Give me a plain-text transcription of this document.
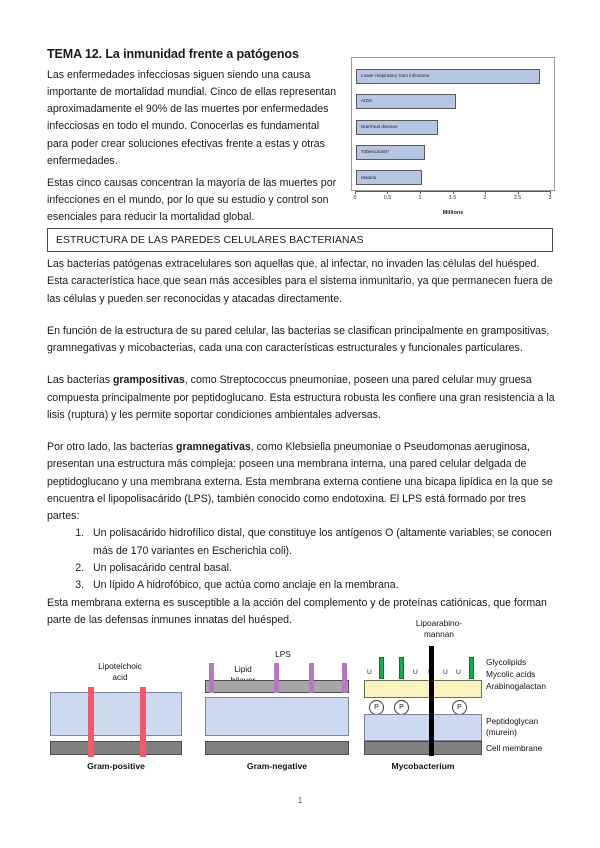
TEMA 12. La inmunidad frente a patógenos

Las enfermedades infecciosas siguen siendo una causa importante de mortalidad mundial. Cinco de ellas representan aproximadamente el 90% de las muertes por enfermedades infecciosas en todo el mundo. Conocerlas es fundamental para poder crear soluciones efectivas frente a estas y otras enfermedades.

Estas cinco causas concentran la mayoría de las muertes por infecciones en el mundo, por lo que su estudio y control son esenciales para reducir la mortalidad global.

Lower respiratory tract infections
AIDS
Diarrheal disease
Tuberculosis*
Malaria
0	0.5	1	1.5	2	2.5	3
Millions
ESTRUCTURA DE LAS PAREDES CELULARES BACTERIANAS

Las bacterias patógenas extracelulares son aquellas que, al infectar, no invaden las células del huésped. Esta característica hace que sean más accesibles para el sistema inmunitario, ya que permanecen fuera de las células y pueden ser reconocidas y atacadas directamente.

En función de la estructura de su pared celular, las bacterias se clasifican principalmente en grampositivas, gramnegativas y micobacterias, cada una con características estructurales y funcionales particulares.

Las bacterias grampositivas, como Streptococcus pneumoniae, poseen una pared celular muy gruesa compuesta principalmente por peptidoglucano. Esta estructura robusta les confiere una gran resistencia a la lisis (ruptura) y les permite soportar condiciones ambientales adversas.

Por otro lado, las bacterias gramnegativas, como Klebsiella pneumoniae o Pseudomonas aeruginosa, presentan una estructura más compleja: poseen una membrana interna, una pared celular delgada de peptidoglucano y una membrana externa. Esta membrana externa contiene una bicapa lipídica en la que se encuentra el lipopolisacárido (LPS), también conocido como endotoxina. El LPS está formado por tres partes:

1. Un polisacárido hidrofílico distal, que constituye los antígenos O (altamente variables; se conocen más de 170 variantes en Escherichia coli).
2. Un polisacárido central basal.
3. Un lípido A hidrofóbico, que actúa como anclaje en la membrana.

Esta membrana externa es susceptible a la acción del complemento y de proteínas catiónicas, que forman parte de las defensas inmunes innatas del huésped.

Lipoteichoic
acid
Gram-positive
LPS
Lipid

Gram-negative
Lipoarabino-
mannan
U	U	U U
P	P	P
Glycolipids
Mycolic acids
Arabinogalactan
Peptidoglycan
(murein)
Cell membrane
Mycobacterium
1
